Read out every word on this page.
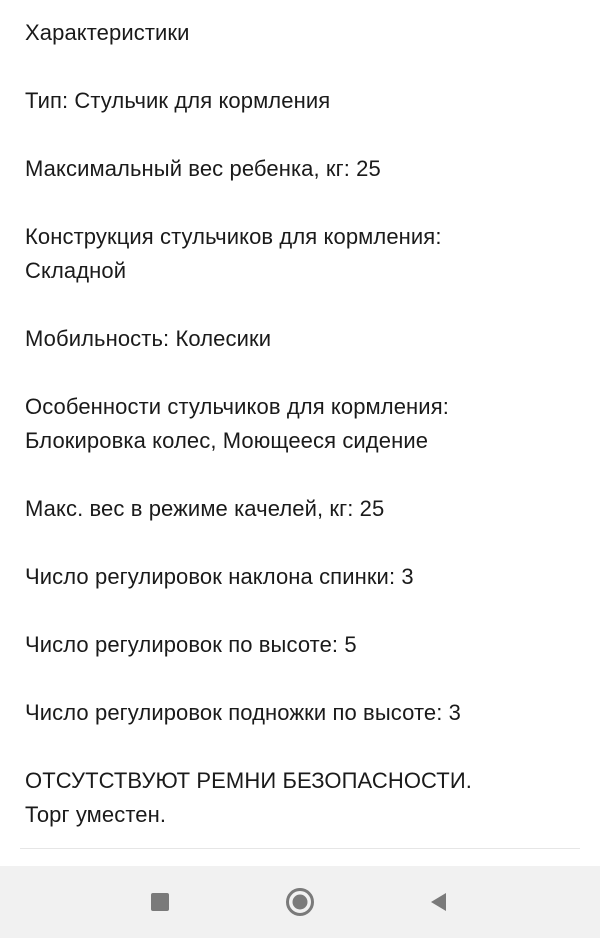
Характеристики

Тип: Стульчик для кормления

Максимальный вес ребенка, кг: 25

Конструкция стульчиков для кормления:
Складной

Мобильность: Колесики

Особенности стульчиков для кормления:
Блокировка колес, Моющееся сидение

Макс. вес в режиме качелей, кг: 25

Число регулировок наклона спинки: 3

Число регулировок по высоте: 5

Число регулировок подножки по высоте: 3

ОТСУТСТВУЮТ РЕМНИ БЕЗОПАСНОСТИ.
Торг уместен.
